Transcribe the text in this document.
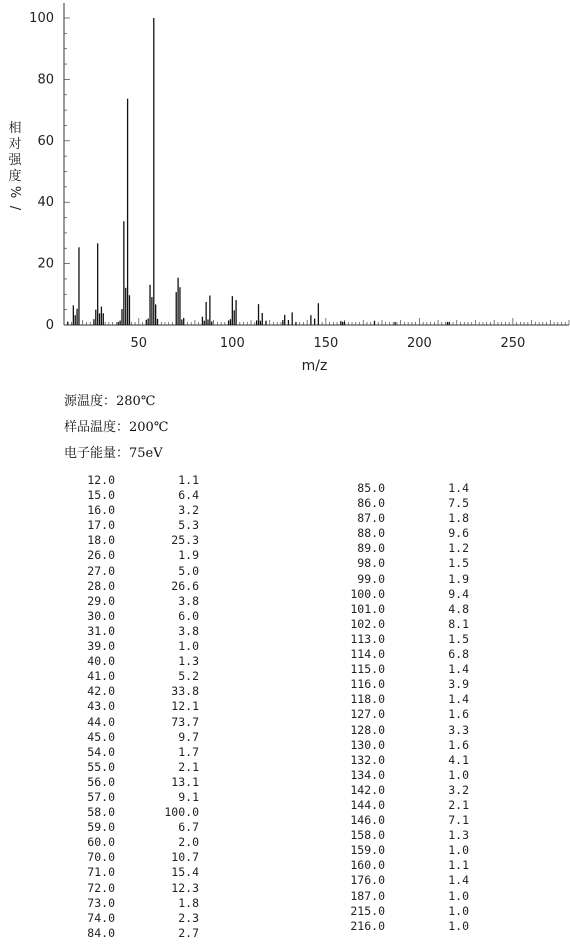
50	100	150	200	250
0
20
40
60
80
100
m/z
相
对
强
度
%
/
源温度：280℃
样品温度：200℃
电子能量：75eV
12.0	1.1
15.0	6.4
16.0	3.2
17.0	5.3
18.0	25.3
26.0	1.9
27.0	5.0
28.0	26.6
29.0	3.8
30.0	6.0
31.0	3.8
39.0	1.0
40.0	1.3
41.0	5.2
42.0	33.8
43.0	12.1
44.0	73.7
45.0	9.7
54.0	1.7
55.0	2.1
56.0	13.1
57.0	9.1
58.0	100.0
59.0	6.7
60.0	2.0
70.0	10.7
71.0	15.4
72.0	12.3
73.0	1.8
74.0	2.3
84.0	2.7
85.0	1.4
86.0	7.5
87.0	1.8
88.0	9.6
89.0	1.2
98.0	1.5
99.0	1.9
100.0	9.4
101.0	4.8
102.0	8.1
113.0	1.5
114.0	6.8
115.0	1.4
116.0	3.9
118.0	1.4
127.0	1.6
128.0	3.3
130.0	1.6
132.0	4.1
134.0	1.0
142.0	3.2
144.0	2.1
146.0	7.1
158.0	1.3
159.0	1.0
160.0	1.1
176.0	1.4
187.0	1.0
215.0	1.0
216.0	1.0
